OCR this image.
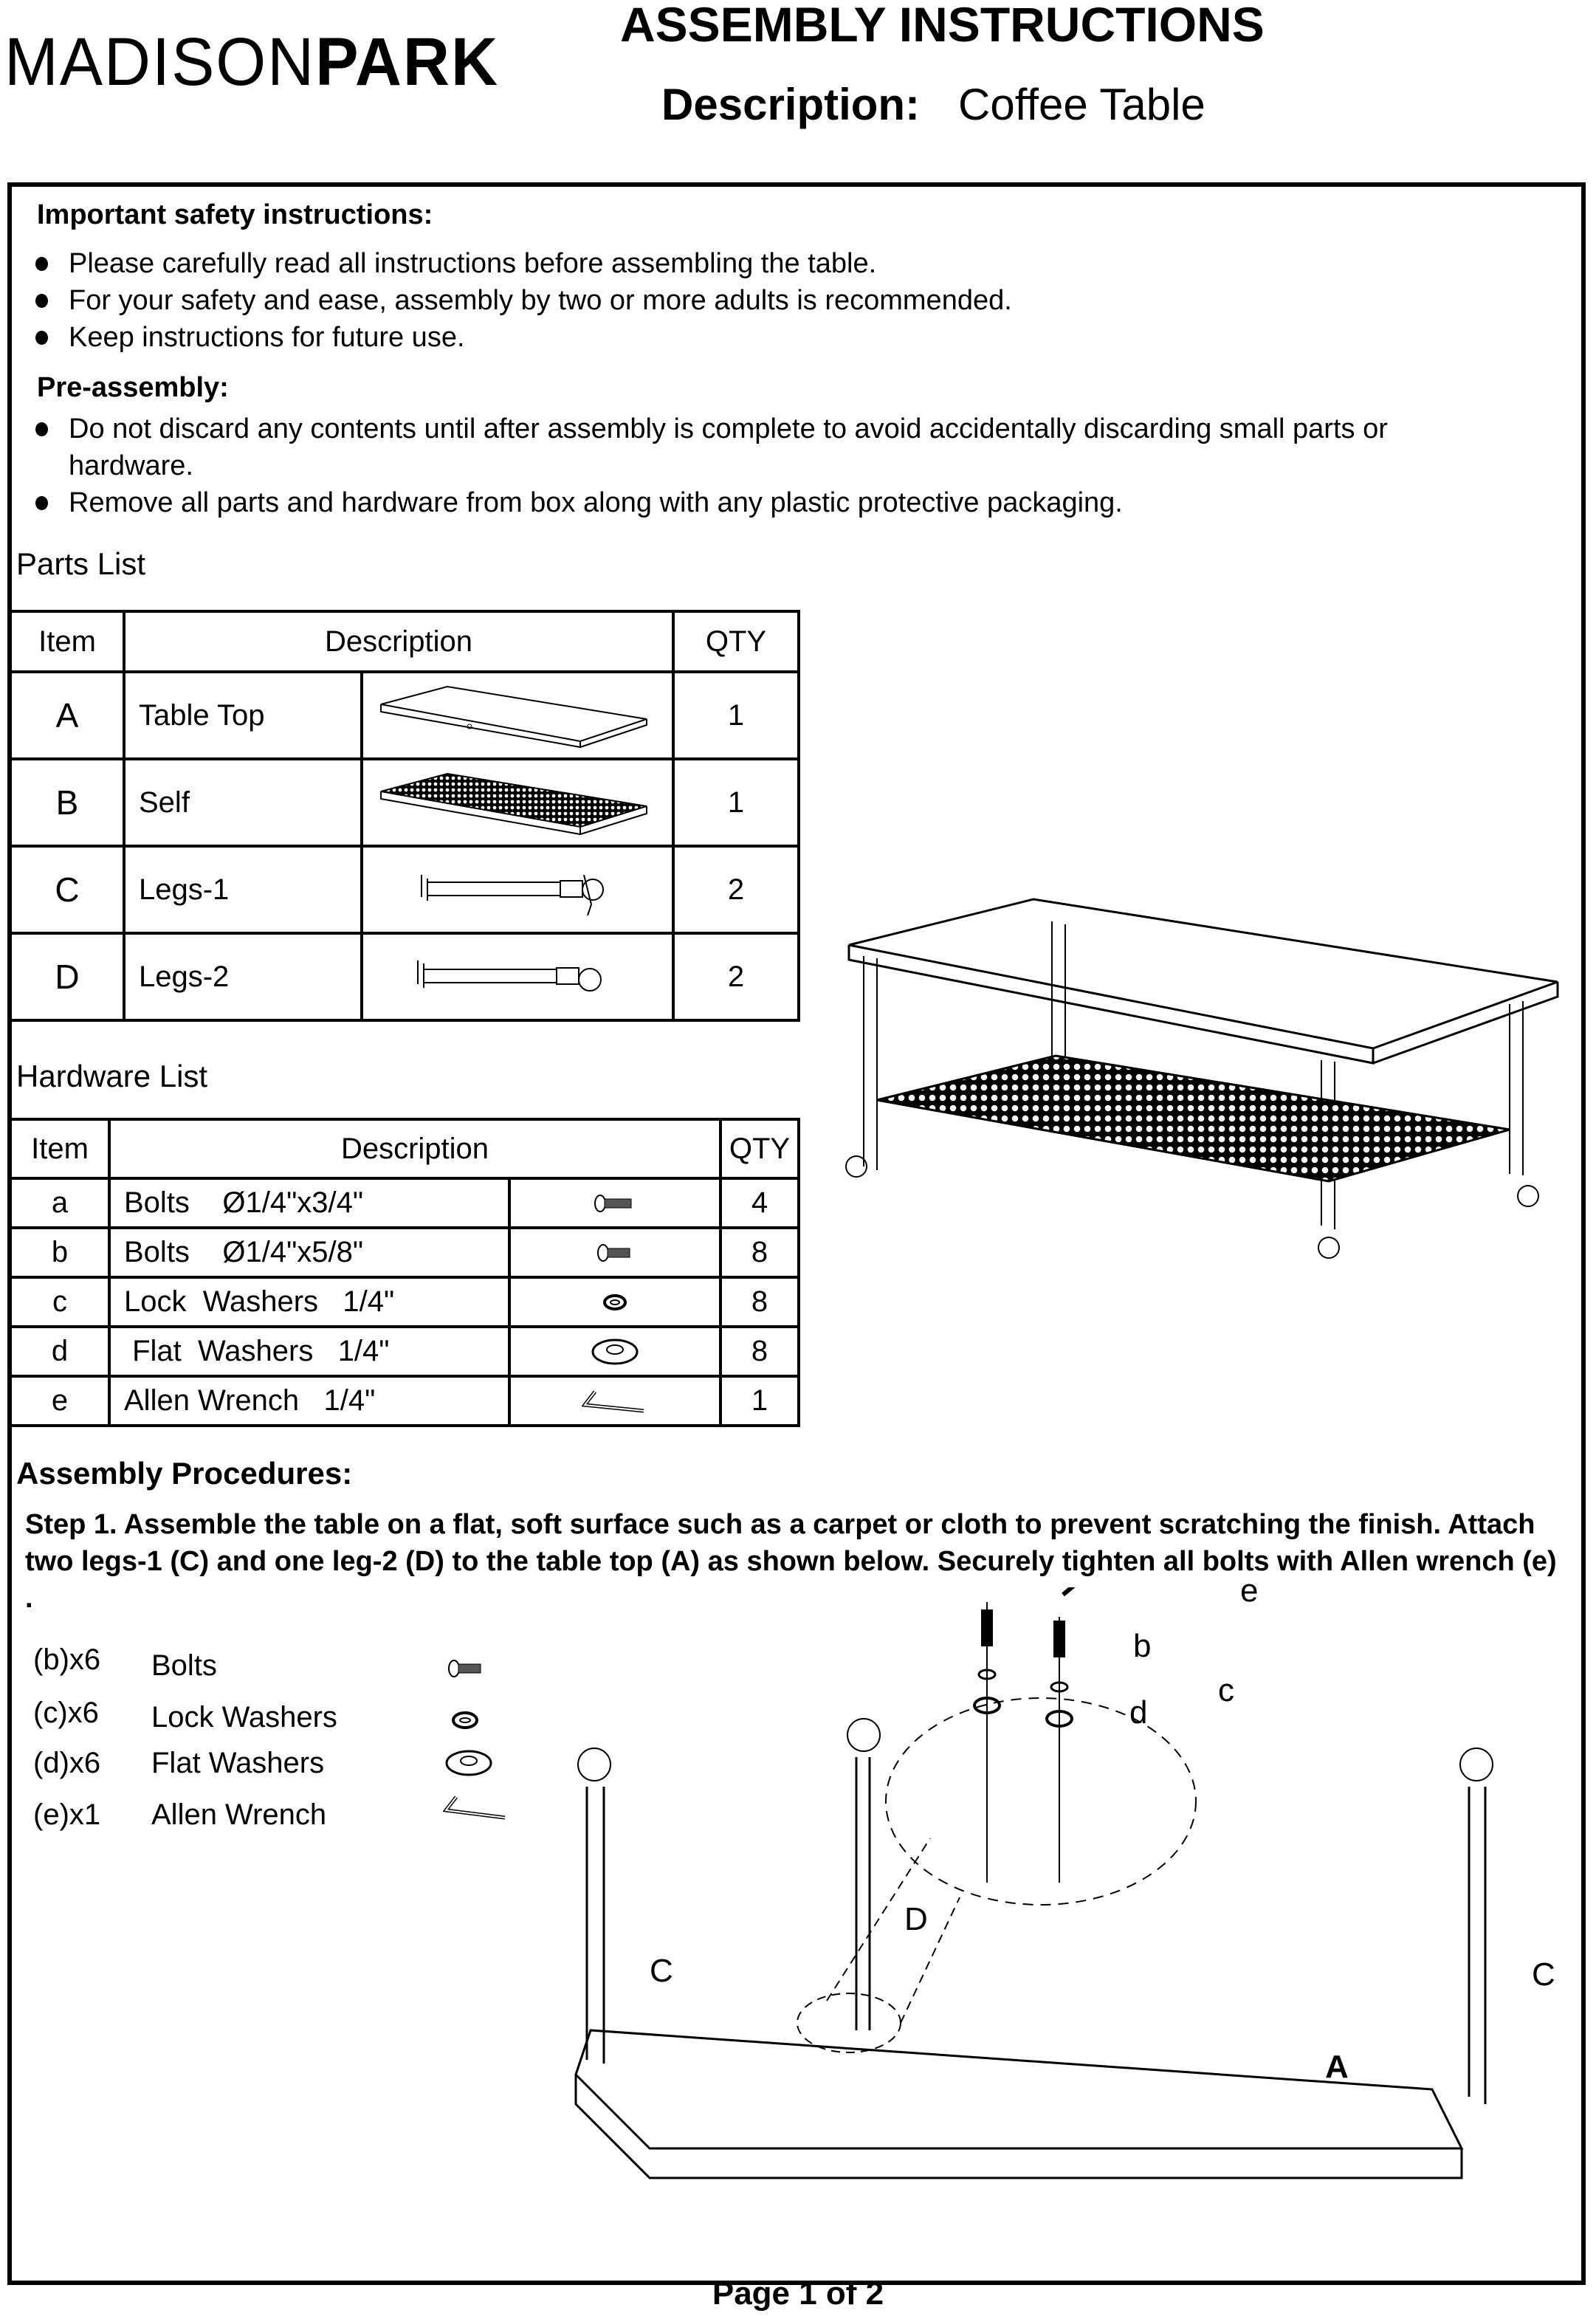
MADISONPARK ASSEMBLY INSTRUCTIONS
Description: Coffee Table
Important safety instructions:
Please carefully read all instructions before assembling the table.
For your safety and ease, assembly by two or more adults is recommended.
Keep instructions for future use.
Pre-assembly:
Do not discard any contents until after assembly is complete to avoid accidentally discarding small parts or hardware.
Remove all parts and hardware from box along with any plastic protective packaging.
Parts List
Item	Description		QTY
A	Table Top		1
B	Self		1
C	Legs-1		2
D	Legs-2		2
Hardware List
Item	Description		QTY
a	Bolts    Ø1/4"x3/4"		4
b	Bolts    Ø1/4"x5/8"		8
c	Lock  Washers   1/4"		8
d	Flat  Washers   1/4"		8
e	Allen Wrench   1/4"		1
Assembly Procedures:
Step 1. Assemble the table on a flat, soft surface such as a carpet or cloth to prevent scratching the finish. Attach two legs-1 (C) and one leg-2 (D) to the table top (A) as shown below. Securely tighten all bolts with Allen wrench (e) .
(b)x6 Bolts
(c)x6 Lock Washers
(d)x6 Flat Washers
(e)x1 Allen Wrench
D
C	C
A
b
c
d
e
Page 1 of 2
